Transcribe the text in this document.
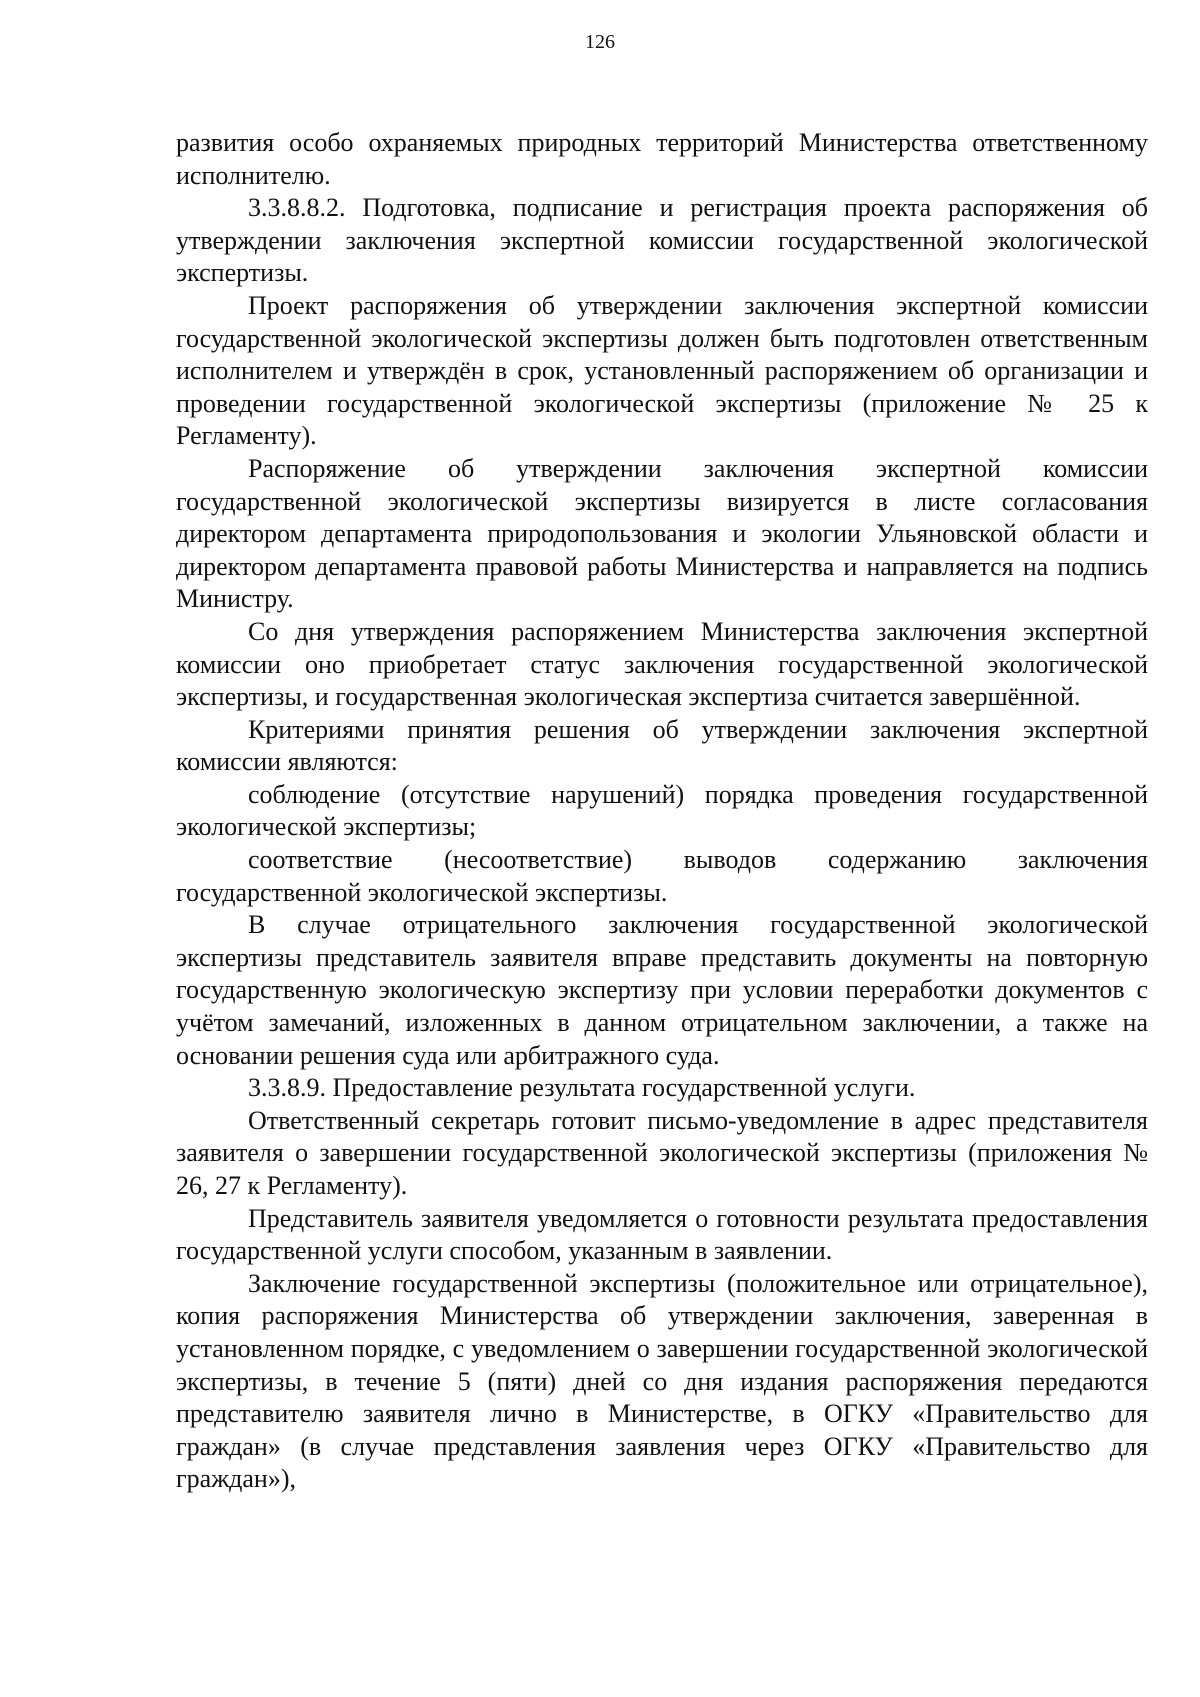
126

развития особо охраняемых природных территорий Министерства ответственному исполнителю.

3.3.8.8.2. Подготовка, подписание и регистрация проекта распоряжения об утверждении заключения экспертной комиссии государственной экологической экспертизы.

Проект распоряжения об утверждении заключения экспертной комиссии государственной экологической экспертизы должен быть подготовлен ответственным исполнителем и утверждён в срок, установленный распоряжением об организации и проведении государственной экологической экспертизы (приложение № 25 к Регламенту).

Распоряжение об утверждении заключения экспертной комиссии государственной экологической экспертизы визируется в листе согласования директором департамента природопользования и экологии Ульяновской области и директором департамента правовой работы Министерства и направляется на подпись Министру.

Со дня утверждения распоряжением Министерства заключения экспертной комиссии оно приобретает статус заключения государственной экологической экспертизы, и государственная экологическая экспертиза считается завершённой.

Критериями принятия решения об утверждении заключения экспертной комиссии являются:

соблюдение (отсутствие нарушений) порядка проведения государственной экологической экспертизы;

соответствие (несоответствие) выводов содержанию заключения государственной экологической экспертизы.

В случае отрицательного заключения государственной экологической экспертизы представитель заявителя вправе представить документы на повторную государственную экологическую экспертизу при условии переработки документов с учётом замечаний, изложенных в данном отрицательном заключении, а также на основании решения суда или арбитражного суда.

3.3.8.9. Предоставление результата государственной услуги.

Ответственный секретарь готовит письмо-уведомление в адрес представителя заявителя о завершении государственной экологической экспертизы (приложения № 26, 27 к Регламенту).

Представитель заявителя уведомляется о готовности результата предоставления государственной услуги способом, указанным в заявлении.

Заключение государственной экспертизы (положительное или отрицательное), копия распоряжения Министерства об утверждении заключения, заверенная в установленном порядке, с уведомлением о завершении государственной экологической экспертизы, в течение 5 (пяти) дней со дня издания распоряжения передаются представителю заявителя лично в Министерстве, в ОГКУ «Правительство для граждан» (в случае представления заявления через ОГКУ «Правительство для граждан»),
